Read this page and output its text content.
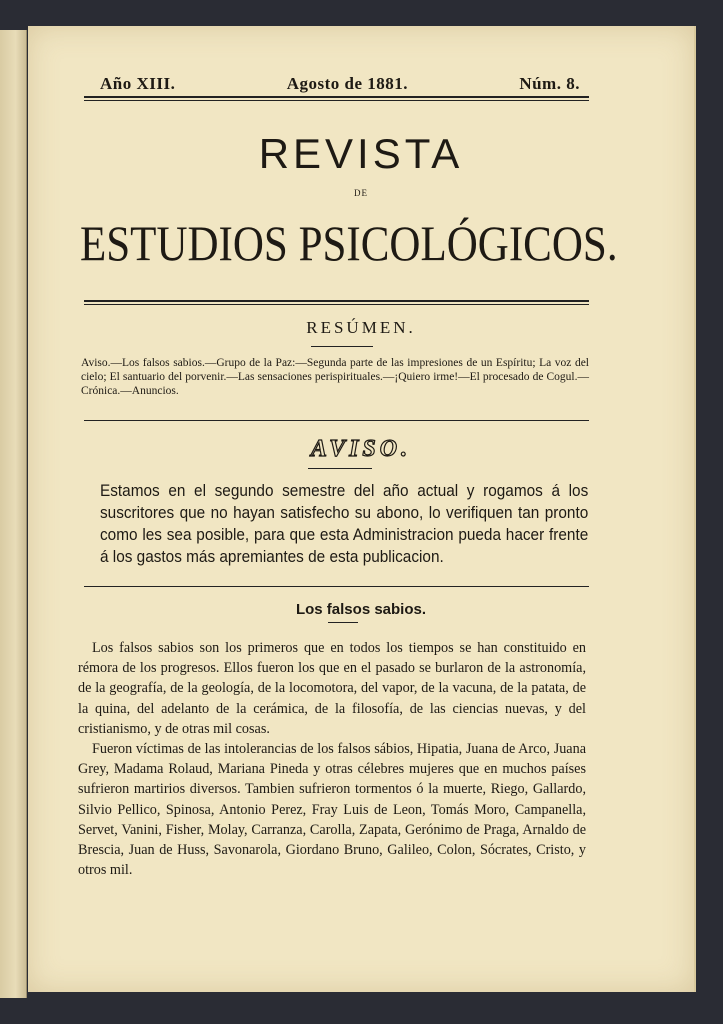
Año XIII.	Agosto de 1881.	Núm. 8.
REVISTA
DE
ESTUDIOS PSICOLÓGICOS.
RESÚMEN.
Aviso.—Los falsos sabios.—Grupo de la Paz:—Segunda parte de las impresiones de un Espíritu; La voz del cielo; El santuario del porvenir.—Las sensaciones perispirituales.—¡Quiero irme!—El procesado de Cogul.—Crónica.—Anuncios.
AVISO.
Estamos en el segundo semestre del año actual y rogamos á los suscritores que no hayan satisfecho su abono, lo verifiquen tan pronto como les sea posible, para que esta Administracion pueda hacer frente á los gastos más apremiantes de esta publicacion.
Los falsos sabios.

Los falsos sabios son los primeros que en todos los tiempos se han constituido en rémora de los progresos. Ellos fueron los que en el pasado se burlaron de la astronomía, de la geografía, de la geología, de la locomotora, del vapor, de la vacuna, de la patata, de la quina, del adelanto de la cerámica, de la filosofía, de las ciencias nuevas, y del cristianismo, y de otras mil cosas.

Fueron víctimas de las intolerancias de los falsos sábios, Hipatia, Juana de Arco, Juana Grey, Madama Rolaud, Mariana Pineda y otras célebres mujeres que en muchos países sufrieron martirios diversos. Tambien sufrieron tormentos ó la muerte, Riego, Gallardo, Silvio Pellico, Spinosa, Antonio Perez, Fray Luis de Leon, Tomás Moro, Campanella, Servet, Vanini, Fisher, Molay, Carranza, Carolla, Zapata, Gerónimo de Praga, Arnaldo de Brescia, Juan de Huss, Savonarola, Giordano Bruno, Galileo, Colon, Sócrates, Cristo, y otros mil.
